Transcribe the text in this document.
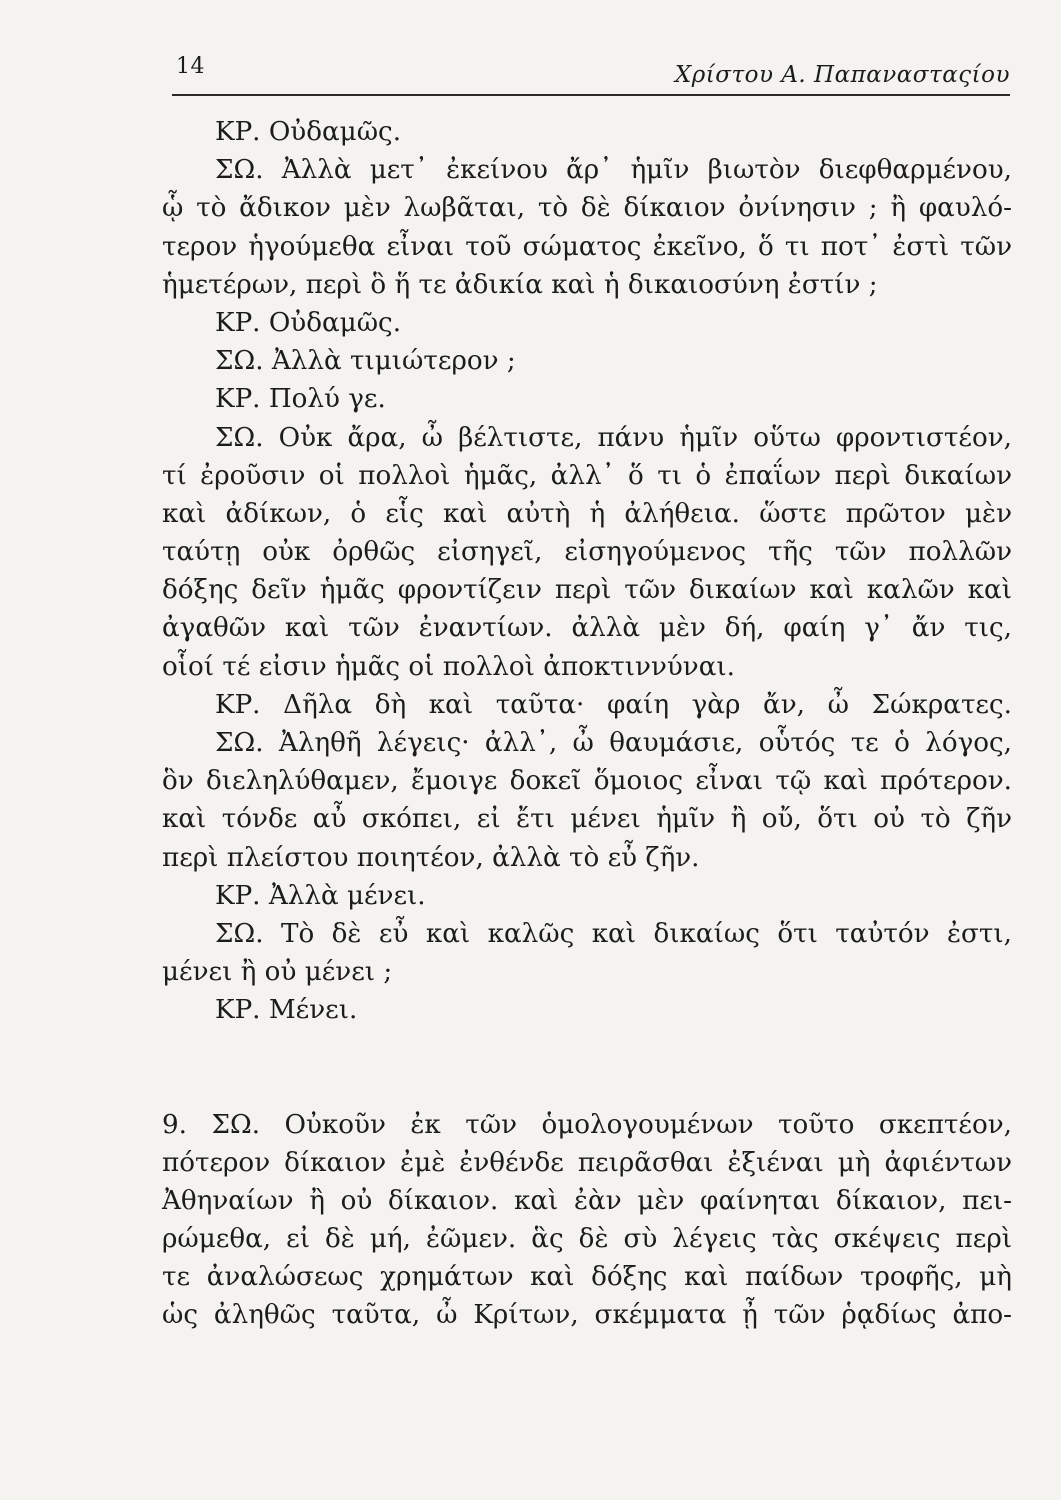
14	Χρίστου Α. Παπανασταςίου
ΚΡ. Οὐδαμῶς.
ΣΩ. Ἀλλὰ μετ᾿ ἐκείνου ἄρ᾿ ἡμῖν βιωτὸν διεφθαρμένου,
ᾧ τὸ ἄδικον μὲν λωβᾶται, τὸ δὲ δίκαιον ὀνίνησιν ; ἢ φαυλό-
τερον ἡγούμεθα εἶναι τοῦ σώματος ἐκεῖνο, ὅ τι ποτ᾿ ἐστὶ τῶν
ἡμετέρων, περὶ ὃ ἥ τε ἀδικία καὶ ἡ δικαιοσύνη ἐστίν ;
ΚΡ. Οὐδαμῶς.
ΣΩ. Ἀλλὰ τιμιώτερον ;
ΚΡ. Πολύ γε.
ΣΩ. Οὐκ ἄρα, ὦ βέλτιστε, πάνυ ἡμῖν οὕτω φροντιστέον,
τί ἐροῦσιν οἱ πολλοὶ ἡμᾶς, ἀλλ᾿ ὅ τι ὁ ἐπαΐων περὶ δικαίων
καὶ ἀδίκων, ὁ εἷς καὶ αὐτὴ ἡ ἀλήθεια. ὥστε πρῶτον μὲν
ταύτῃ οὐκ ὀρθῶς εἰσηγεῖ, εἰσηγούμενος τῆς τῶν πολλῶν
δόξης δεῖν ἡμᾶς φροντίζειν περὶ τῶν δικαίων καὶ καλῶν καὶ
ἀγαθῶν καὶ τῶν ἐναντίων. ἀλλὰ μὲν δή, φαίη γ᾿ ἄν τις,
οἷοί τέ εἰσιν ἡμᾶς οἱ πολλοὶ ἀποκτιννύναι.
ΚΡ. Δῆλα δὴ καὶ ταῦτα· φαίη γὰρ ἄν, ὦ Σώκρατες.
ΣΩ. Ἀληθῆ λέγεις· ἀλλ᾿, ὦ θαυμάσιε, οὗτός τε ὁ λόγος,
ὃν διεληλύθαμεν, ἔμοιγε δοκεῖ ὅμοιος εἶναι τῷ καὶ πρότερον.
καὶ τόνδε αὖ σκόπει, εἰ ἔτι μένει ἡμῖν ἢ οὔ, ὅτι οὐ τὸ ζῆν
περὶ πλείστου ποιητέον, ἀλλὰ τὸ εὖ ζῆν.
ΚΡ. Ἀλλὰ μένει.
ΣΩ. Τὸ δὲ εὖ καὶ καλῶς καὶ δικαίως ὅτι ταὐτόν ἐστι,
μένει ἢ οὐ μένει ;
ΚΡ. Μένει.
9. ΣΩ. Οὐκοῦν ἐκ τῶν ὁμολογουμένων τοῦτο σκεπτέον,
πότερον δίκαιον ἐμὲ ἐνθένδε πειρᾶσθαι ἐξιέναι μὴ ἀφιέντων
Ἀθηναίων ἢ οὐ δίκαιον. καὶ ἐὰν μὲν φαίνηται δίκαιον, πει-
ρώμεθα, εἰ δὲ μή, ἐῶμεν. ἃς δὲ σὺ λέγεις τὰς σκέψεις περὶ
τε ἀναλώσεως χρημάτων καὶ δόξης καὶ παίδων τροφῆς, μὴ
ὡς ἀληθῶς ταῦτα, ὦ Κρίτων, σκέμματα ᾖ τῶν ῥᾳδίως ἀπο-
